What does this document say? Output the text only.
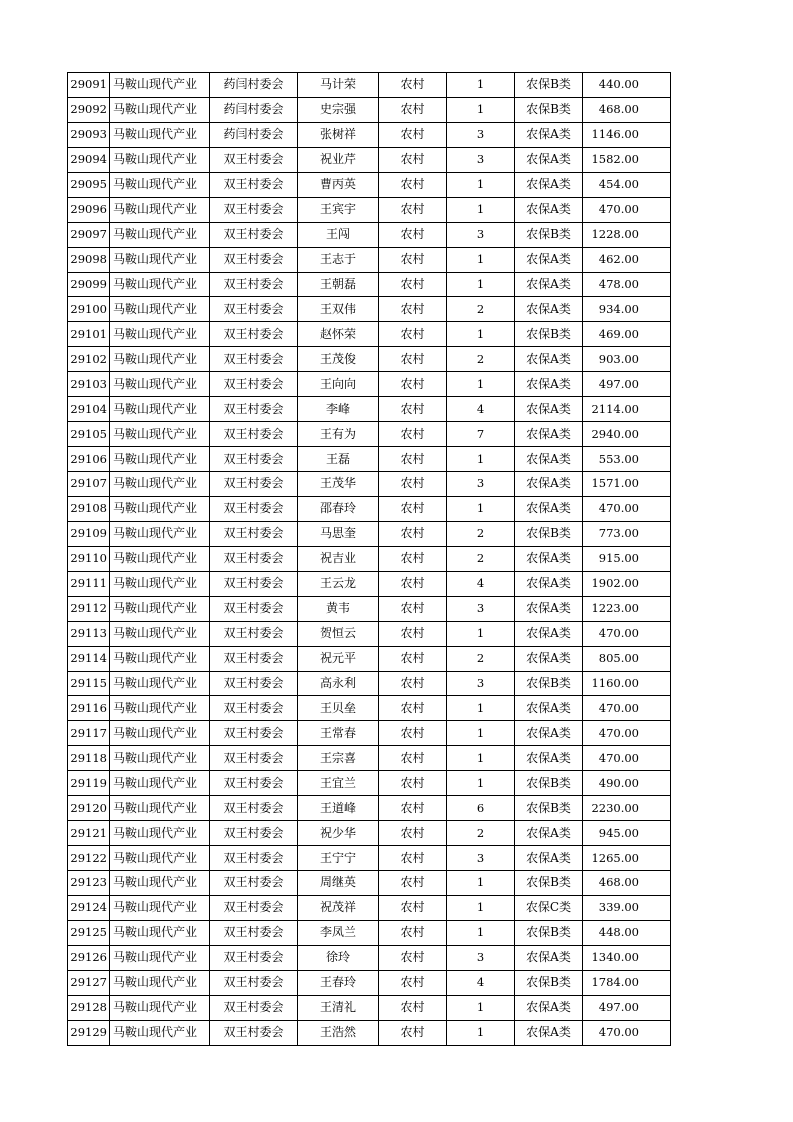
29091	马鞍山现代产业	药闫村委会	马计荣	农村	1	农保B类	440.00
29092	马鞍山现代产业	药闫村委会	史宗强	农村	1	农保B类	468.00
29093	马鞍山现代产业	药闫村委会	张树祥	农村	3	农保A类	1146.00
29094	马鞍山现代产业	双王村委会	祝业芹	农村	3	农保A类	1582.00
29095	马鞍山现代产业	双王村委会	曹丙英	农村	1	农保A类	454.00
29096	马鞍山现代产业	双王村委会	王宾宇	农村	1	农保A类	470.00
29097	马鞍山现代产业	双王村委会	王闯	农村	3	农保B类	1228.00
29098	马鞍山现代产业	双王村委会	王志于	农村	1	农保A类	462.00
29099	马鞍山现代产业	双王村委会	王朝磊	农村	1	农保A类	478.00
29100	马鞍山现代产业	双王村委会	王双伟	农村	2	农保A类	934.00
29101	马鞍山现代产业	双王村委会	赵怀荣	农村	1	农保B类	469.00
29102	马鞍山现代产业	双王村委会	王茂俊	农村	2	农保A类	903.00
29103	马鞍山现代产业	双王村委会	王向向	农村	1	农保A类	497.00
29104	马鞍山现代产业	双王村委会	李峰	农村	4	农保A类	2114.00
29105	马鞍山现代产业	双王村委会	王有为	农村	7	农保A类	2940.00
29106	马鞍山现代产业	双王村委会	王磊	农村	1	农保A类	553.00
29107	马鞍山现代产业	双王村委会	王茂华	农村	3	农保A类	1571.00
29108	马鞍山现代产业	双王村委会	邵春玲	农村	1	农保A类	470.00
29109	马鞍山现代产业	双王村委会	马思奎	农村	2	农保B类	773.00
29110	马鞍山现代产业	双王村委会	祝吉业	农村	2	农保A类	915.00
29111	马鞍山现代产业	双王村委会	王云龙	农村	4	农保A类	1902.00
29112	马鞍山现代产业	双王村委会	黄韦	农村	3	农保A类	1223.00
29113	马鞍山现代产业	双王村委会	贺恒云	农村	1	农保A类	470.00
29114	马鞍山现代产业	双王村委会	祝元平	农村	2	农保A类	805.00
29115	马鞍山现代产业	双王村委会	高永利	农村	3	农保B类	1160.00
29116	马鞍山现代产业	双王村委会	王贝垒	农村	1	农保A类	470.00
29117	马鞍山现代产业	双王村委会	王常春	农村	1	农保A类	470.00
29118	马鞍山现代产业	双王村委会	王宗喜	农村	1	农保A类	470.00
29119	马鞍山现代产业	双王村委会	王宜兰	农村	1	农保B类	490.00
29120	马鞍山现代产业	双王村委会	王道峰	农村	6	农保B类	2230.00
29121	马鞍山现代产业	双王村委会	祝少华	农村	2	农保A类	945.00
29122	马鞍山现代产业	双王村委会	王宁宁	农村	3	农保A类	1265.00
29123	马鞍山现代产业	双王村委会	周继英	农村	1	农保B类	468.00
29124	马鞍山现代产业	双王村委会	祝茂祥	农村	1	农保C类	339.00
29125	马鞍山现代产业	双王村委会	李凤兰	农村	1	农保B类	448.00
29126	马鞍山现代产业	双王村委会	徐玲	农村	3	农保A类	1340.00
29127	马鞍山现代产业	双王村委会	王春玲	农村	4	农保B类	1784.00
29128	马鞍山现代产业	双王村委会	王清礼	农村	1	农保A类	497.00
29129	马鞍山现代产业	双王村委会	王浩然	农村	1	农保A类	470.00
